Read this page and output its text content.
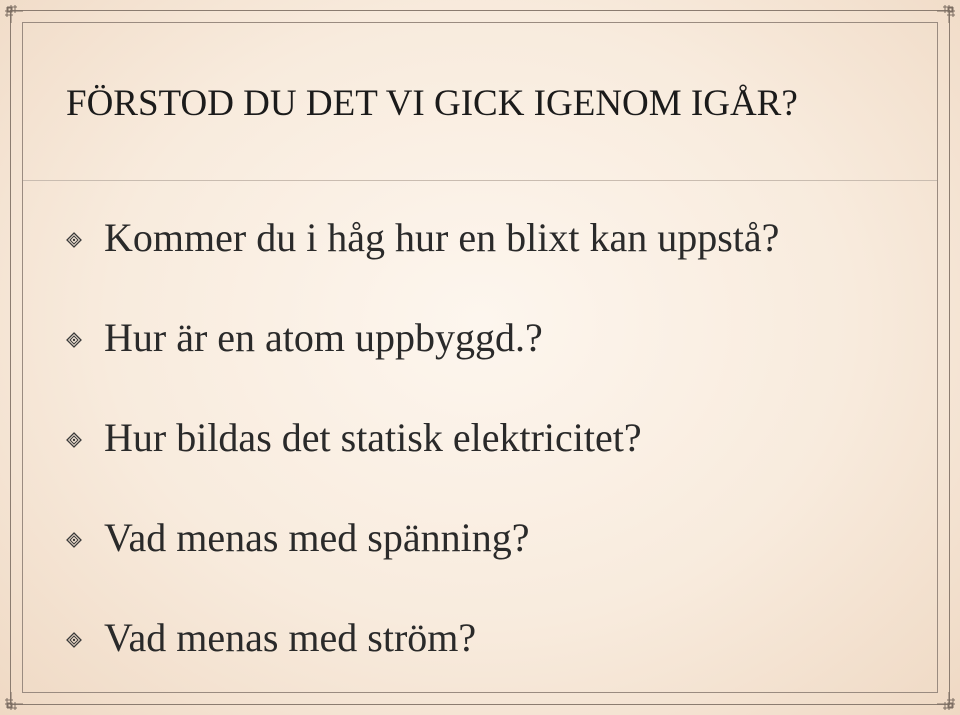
FÖRSTOD DU DET VI GICK IGENOM IGÅR?
Kommer du i håg hur en blixt kan uppstå?
Hur är en atom uppbyggd.?
Hur bildas det statisk elektricitet?
Vad menas med spänning?
Vad menas med ström?
